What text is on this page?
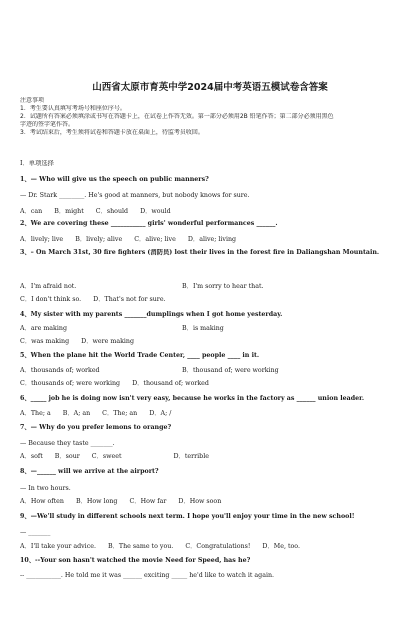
山西省太原市育英中学2024届中考英语五模试卷含答案
注意事项
1．考生要认真填写考场号和座位序号。
2．试题所有答案必须填涂或书写在答题卡上，在试卷上作答无效。第一部分必须用2B 铅笔作答；第二部分必须用黑色
字迹的签字笔作答。
3．考试结束后，考生须将试卷和答题卡放在桌面上，待监考员收回。
Ⅰ．单项选择
1、— Who will give us the speech on public manners?
— Dr. Stark ________. He's good at manners, but nobody knows for sure.
A．can B．might C．should D．would
2、We are covering these ___________ girls' wonderful performances ______.
A．lively; live B．lively; alive C．alive; live D．alive; living
3、– On March 31st, 30 fire fighters (消防员) lost their lives in the forest fire in Daliangshan Mountain.
A．I'm afraid not.	B．I'm sorry to hear that.
C．I don't think so. D．That's not for sure.
4、My sister with my parents _______dumplings when I got home yesterday.
A．are making	B．is making
C．was making D．were making
5、When the plane hit the World Trade Center, ____ people ____ in it.
A．thousands of; worked	B．thousand of; were working
C．thousands of; were working D．thousand of; worked
6、_____ job he is doing now isn't very easy, because he works in the factory as ______ union leader.
A．The; a B．A; an C．The; an D．A; /
7、— Why do you prefer lemons to orange?
— Because they taste _______.
A．soft B．sour C．sweet	D．terrible
8、—______ will we arrive at the airport?
— In two hours.
A．How often B．How long C．How far D．How soon
9、—We'll study in different schools next term. I hope you'll enjoy your time in the new school!
— _______
A．I'll take your advice. B．The same to you. C．Congratulations! D．Me, too.
10、--Your son hasn't watched the movie Need for Speed, has he?
-- ___________. He told me it was ______ exciting _____ he'd like to watch it again.
